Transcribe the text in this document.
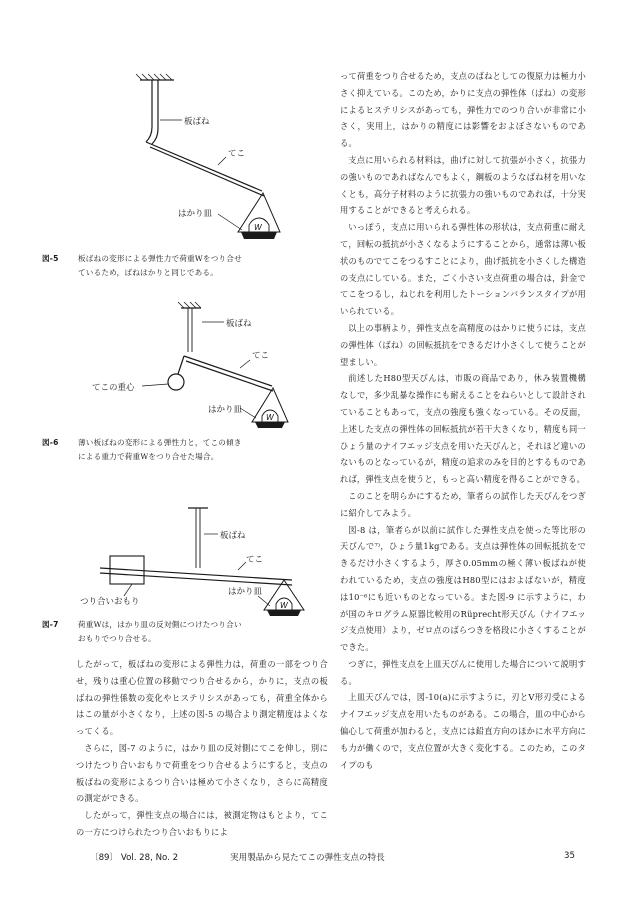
板ばね
てこ
はかり皿
W
図-5	板ばねの変形による弾性力で荷重Wをつり合せているため，ばねはかりと同じである。
板ばね
てこ
てこの重心
はかり皿
W
図-6	薄い板ばねの変形による弾性力と，てこの傾きによる重力で荷重Wをつり合せた場合。
板ばね
てこ
つり合いおもり
はかり皿
W
図-7	荷重Wは，はかり皿の反対側につけたつり合いおもりでつり合せる。

したがって，板ばねの変形による弾性力は，荷重の一部をつり合せ，残りは重心位置の移動でつり合せるから，かりに，支点の板ばねの弾性係数の変化やヒステリシスがあっても，荷重全体からはこの量が小さくなり，上述の図-5 の場合より測定精度はよくなってくる。

さらに，図-7 のように，はかり皿の反対側にてこを伸し，別につけたつり合いおもりで荷重をつり合せるようにすると，支点の板ばねの変形によるつり合いは極めて小さくなり，さらに高精度の測定ができる。

したがって，弾性支点の場合には，被測定物はもとより，てこの一方につけられたつり合いおもりによ

って荷重をつり合せるため，支点のばねとしての復原力は極力小さく抑えている。このため，かりに支点の弾性体（ばね）の変形によるヒステリシスがあっても，弾性力でのつり合いが非常に小さく，実用上，はかりの精度には影響をおよぼさないものである。

支点に用いられる材料は，曲げに対して抗張が小さく，抗張力の強いものであればなんでもよく，鋼板のようなばね材を用いなくとも，高分子材料のように抗張力の強いものであれば，十分実用することができると考えられる。

いっぽう，支点に用いられる弾性体の形状は，支点荷重に耐えて，回転の抵抗が小さくなるようにすることから，通常は薄い板状のものでてこをつるすことにより，曲げ抵抗を小さくした構造の支点にしている。また，ごく小さい支点荷重の場合は，針金でてこをつるし，ねじれを利用したトーションバランスタイプが用いられている。

以上の事柄より，弾性支点を高精度のはかりに使うには，支点の弾性体（ばね）の回転抵抗をできるだけ小さくして使うことが望ましい。

前述したH80型天びんは，市販の商品であり，休み装置機構なしで，多少乱暴な操作にも耐えることをねらいとして設計されていることもあって，支点の強度も強くなっている。その反面，上述した支点の弾性体の回転抵抗が若干大きくなり，精度も同一ひょう量のナイフエッジ支点を用いた天びんと，それほど違いのないものとなっているが，精度の追求のみを目的とするものであれば，弾性支点を使うと，もっと高い精度を得ることができる。

このことを明らかにするため，筆者らの試作した天びんをつぎに紹介してみよう。

図-8 は，筆者らが以前に試作した弾性支点を使った等比形の天びんで⁷⁾，ひょう量1kgである。支点は弾性体の回転抵抗をできるだけ小さくするよう，厚さ0.05mmの極く薄い板ばねが使われているため，支点の強度はH80型にはおよばないが，精度は10⁻⁶にも近いものとなっている。また図-9 に示すように，わが国のキログラム原器比較用のRüprecht形天びん（ナイフエッジ支点使用）より，ゼロ点のばらつきを格段に小さくすることができた。

つぎに，弾性支点を上皿天びんに使用した場合について説明する。

上皿天びんでは，図-10(a)に示すように，刃とV形刃受によるナイフエッジ支点を用いたものがある。この場合，皿の中心から偏心して荷重が加わると，支点には鉛直方向のほかに水平方向にも力が働くので，支点位置が大きく変化する。このため，このタイプのも

〔89〕 Vol. 28, No. 2	実用製品から見たてこの弾性支点の特長	35
